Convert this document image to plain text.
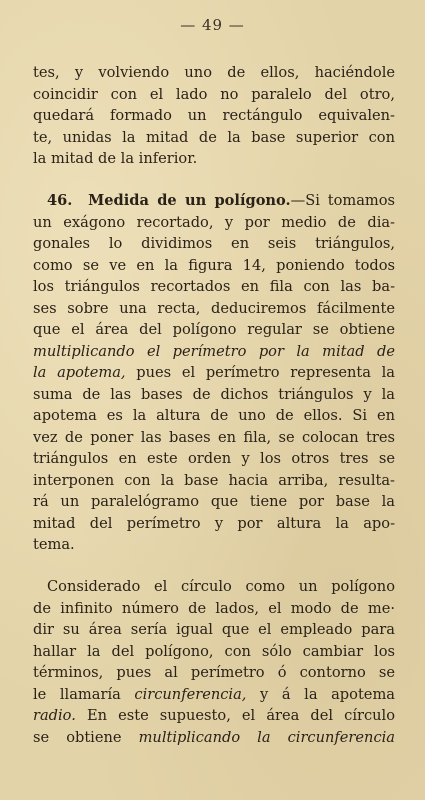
— 49 —
tes, y volviendo uno de ellos, haciéndole
coincidir con el lado no paralelo del otro,
quedará formado un rectángulo equivalen-
te, unidas la mitad de la base superior con
la mitad de la inferior.
46. Medida de un polígono.—Si tomamos
un exágono recortado, y por medio de dia-
gonales lo dividimos en seis triángulos,
como se ve en la figura 14, poniendo todos
los triángulos recortados en fila con las ba-
ses sobre una recta, deduciremos fácilmente
que el área del polígono regular se obtiene
multiplicando el perímetro por la mitad de
la apotema, pues el perímetro representa la
suma de las bases de dichos triángulos y la
apotema es la altura de uno de ellos. Si en
vez de poner las bases en fila, se colocan tres
triángulos en este orden y los otros tres se
interponen con la base hacia arriba, resulta-
rá un paralelógramo que tiene por base la
mitad del perímetro y por altura la apo-
tema.
Considerado el círculo como un polígono
de infinito número de lados, el modo de me·
dir su área sería igual que el empleado para
hallar la del polígono, con sólo cambiar los
términos, pues al perímetro ó contorno se
le llamaría circunferencia, y á la apotema
radio. En este supuesto, el área del círculo
se obtiene multiplicando la circunferencia
